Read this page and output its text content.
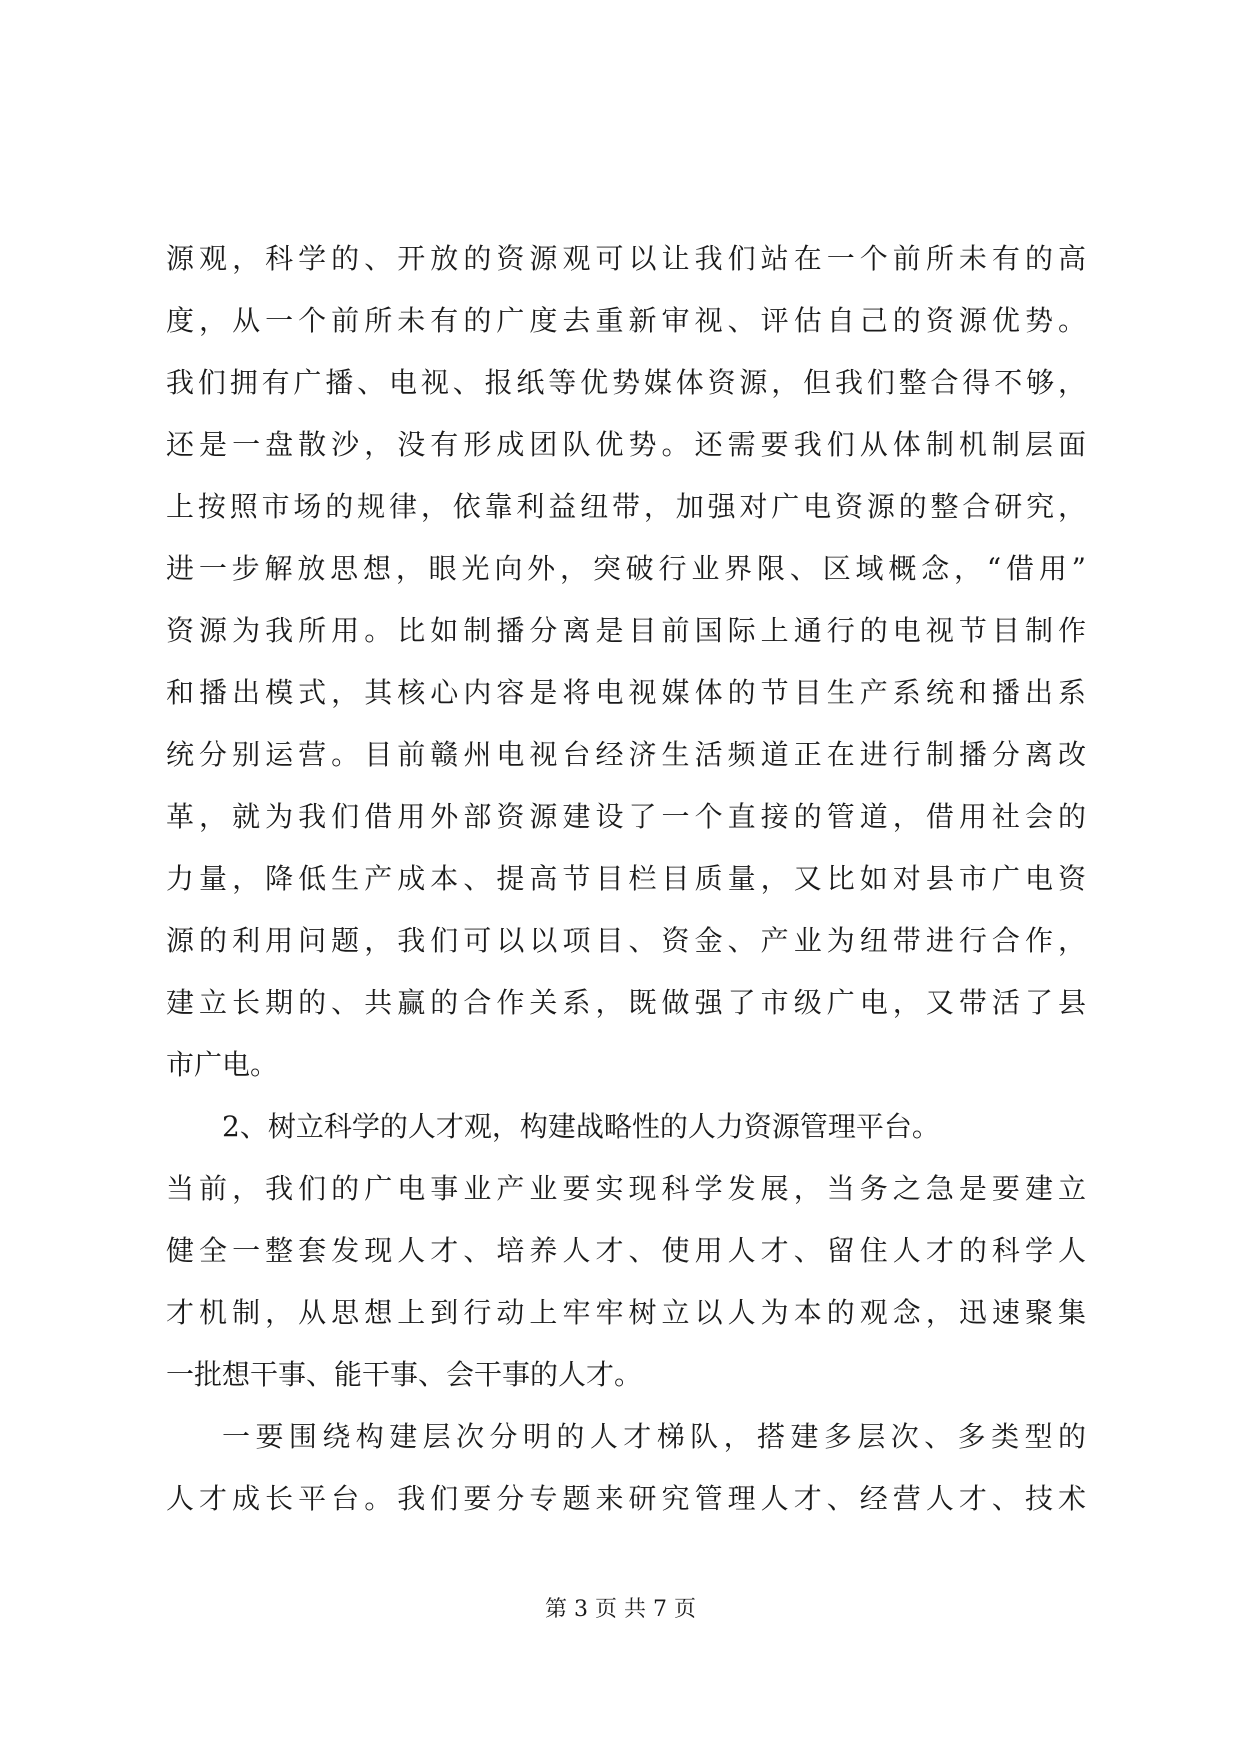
源观，科学的、开放的资源观可以让我们站在一个前所未有的高
度，从一个前所未有的广度去重新审视、评估自己的资源优势。
我们拥有广播、电视、报纸等优势媒体资源，但我们整合得不够，
还是一盘散沙，没有形成团队优势。还需要我们从体制机制层面
上按照市场的规律，依靠利益纽带，加强对广电资源的整合研究，
进一步解放思想，眼光向外，突破行业界限、区域概念，“借用”
资源为我所用。比如制播分离是目前国际上通行的电视节目制作
和播出模式，其核心内容是将电视媒体的节目生产系统和播出系
统分别运营。目前赣州电视台经济生活频道正在进行制播分离改
革，就为我们借用外部资源建设了一个直接的管道，借用社会的
力量，降低生产成本、提高节目栏目质量，又比如对县市广电资
源的利用问题，我们可以以项目、资金、产业为纽带进行合作，
建立长期的、共赢的合作关系，既做强了市级广电，又带活了县
市广电。
2、树立科学的人才观，构建战略性的人力资源管理平台。
当前，我们的广电事业产业要实现科学发展，当务之急是要建立
健全一整套发现人才、培养人才、使用人才、留住人才的科学人
才机制，从思想上到行动上牢牢树立以人为本的观念，迅速聚集
一批想干事、能干事、会干事的人才。
一要围绕构建层次分明的人才梯队，搭建多层次、多类型的
人才成长平台。我们要分专题来研究管理人才、经营人才、技术
第 3 页 共 7 页
